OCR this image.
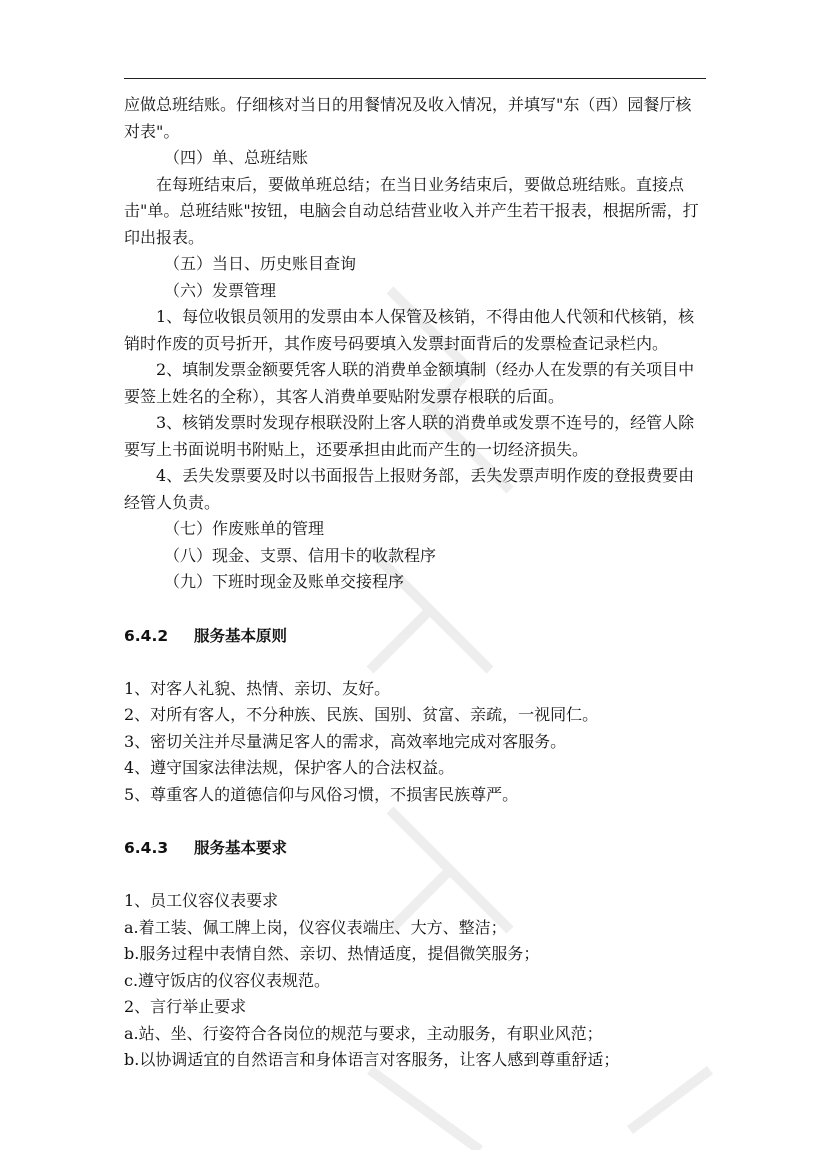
应做总班结账。仔细核对当日的用餐情况及收入情况，并填写"东（西）园餐厅核对表"。

（四）单、总班结账

在每班结束后，要做单班总结；在当日业务结束后，要做总班结账。直接点击"单。总班结账"按钮，电脑会自动总结营业收入并产生若干报表，根据所需，打印出报表。

（五）当日、历史账目查询

（六）发票管理

1、每位收银员领用的发票由本人保管及核销，不得由他人代领和代核销，核销时作废的页号折开，其作废号码要填入发票封面背后的发票检查记录栏内。

2、填制发票金额要凭客人联的消费单金额填制（经办人在发票的有关项目中要签上姓名的全称），其客人消费单要贴附发票存根联的后面。

3、核销发票时发现存根联没附上客人联的消费单或发票不连号的，经管人除要写上书面说明书附贴上，还要承担由此而产生的一切经济损失。

4、丢失发票要及时以书面报告上报财务部，丢失发票声明作废的登报费要由经管人负责。

（七）作废账单的管理

（八）现金、支票、信用卡的收款程序

（九）下班时现金及账单交接程序

6.4.2 服务基本原则

1、对客人礼貌、热情、亲切、友好。

2、对所有客人，不分种族、民族、国别、贫富、亲疏，一视同仁。

3、密切关注并尽量满足客人的需求，高效率地完成对客服务。

4、遵守国家法律法规，保护客人的合法权益。

5、尊重客人的道德信仰与风俗习惯，不损害民族尊严。

6.4.3 服务基本要求

1、员工仪容仪表要求

a.着工装、佩工牌上岗，仪容仪表端庄、大方、整洁；

b.服务过程中表情自然、亲切、热情适度，提倡微笑服务；

c.遵守饭店的仪容仪表规范。

2、言行举止要求

a.站、坐、行姿符合各岗位的规范与要求，主动服务，有职业风范；

b.以协调适宜的自然语言和身体语言对客服务，让客人感到尊重舒适；
